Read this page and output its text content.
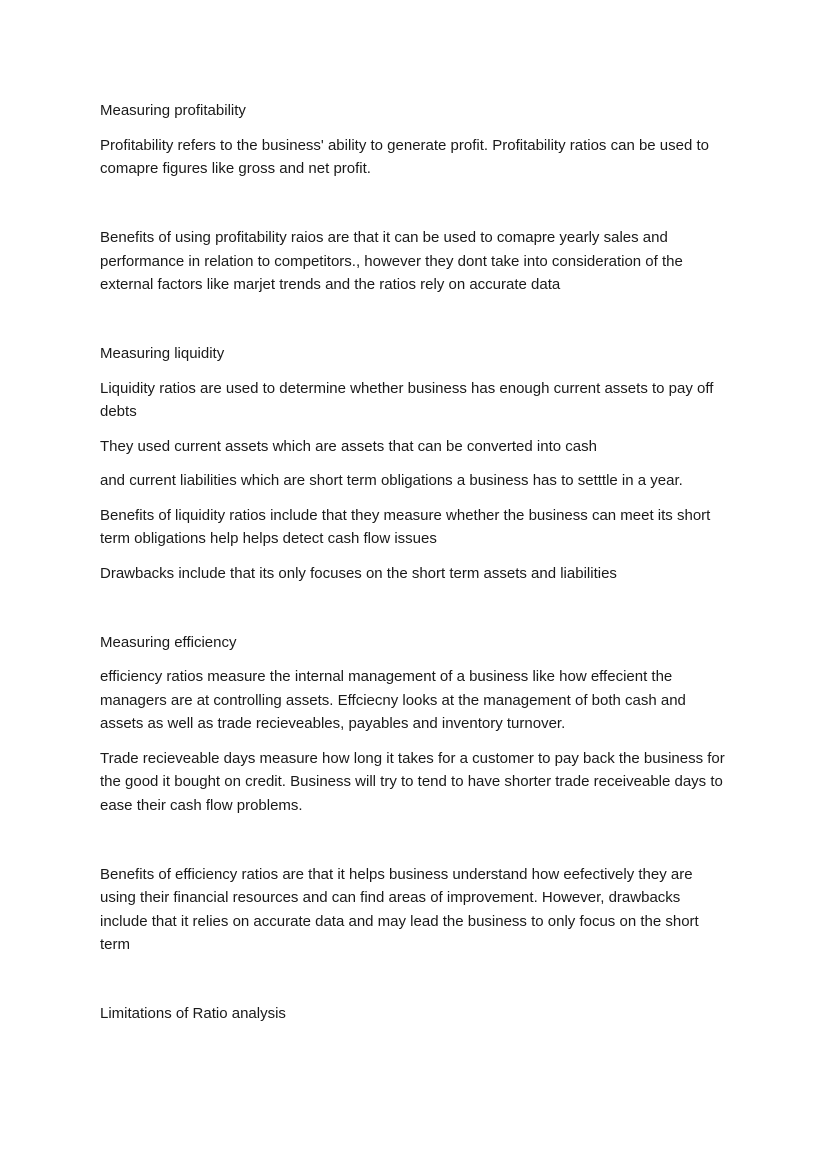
Measuring profitability

Profitability refers to the business' ability to generate profit. Profitability ratios can be used to comapre figures like gross and net profit.

Benefits of using profitability raios are that it can be used to comapre yearly sales and performance in relation to competitors., however they dont take into consideration of the external factors like marjet trends and the ratios rely on accurate data

Measuring liquidity

Liquidity ratios are used to determine whether business has enough current assets to pay off debts

They used current assets which are assets that can be converted into cash

and current liabilities which are short term obligations a business has to setttle in a year.

Benefits of liquidity ratios include that they measure whether the business can meet its short term obligations help helps detect cash flow issues

Drawbacks include that its only focuses on the short term assets and liabilities

Measuring efficiency

efficiency ratios measure the internal management of a business like how effecient the managers are at controlling assets. Effciecny looks at the management of both cash and assets as well as trade recieveables, payables and inventory turnover.

Trade recieveable days measure how long it takes for a customer to pay back the business for the good it bought on credit. Business will try to tend to have shorter trade receiveable days to ease their cash flow problems.

Benefits of efficiency ratios are that it helps business understand how eefectively they are using their financial resources and can find areas of improvement. However, drawbacks include that it relies on accurate data and may lead the business to only focus on the short term

Limitations of Ratio analysis
